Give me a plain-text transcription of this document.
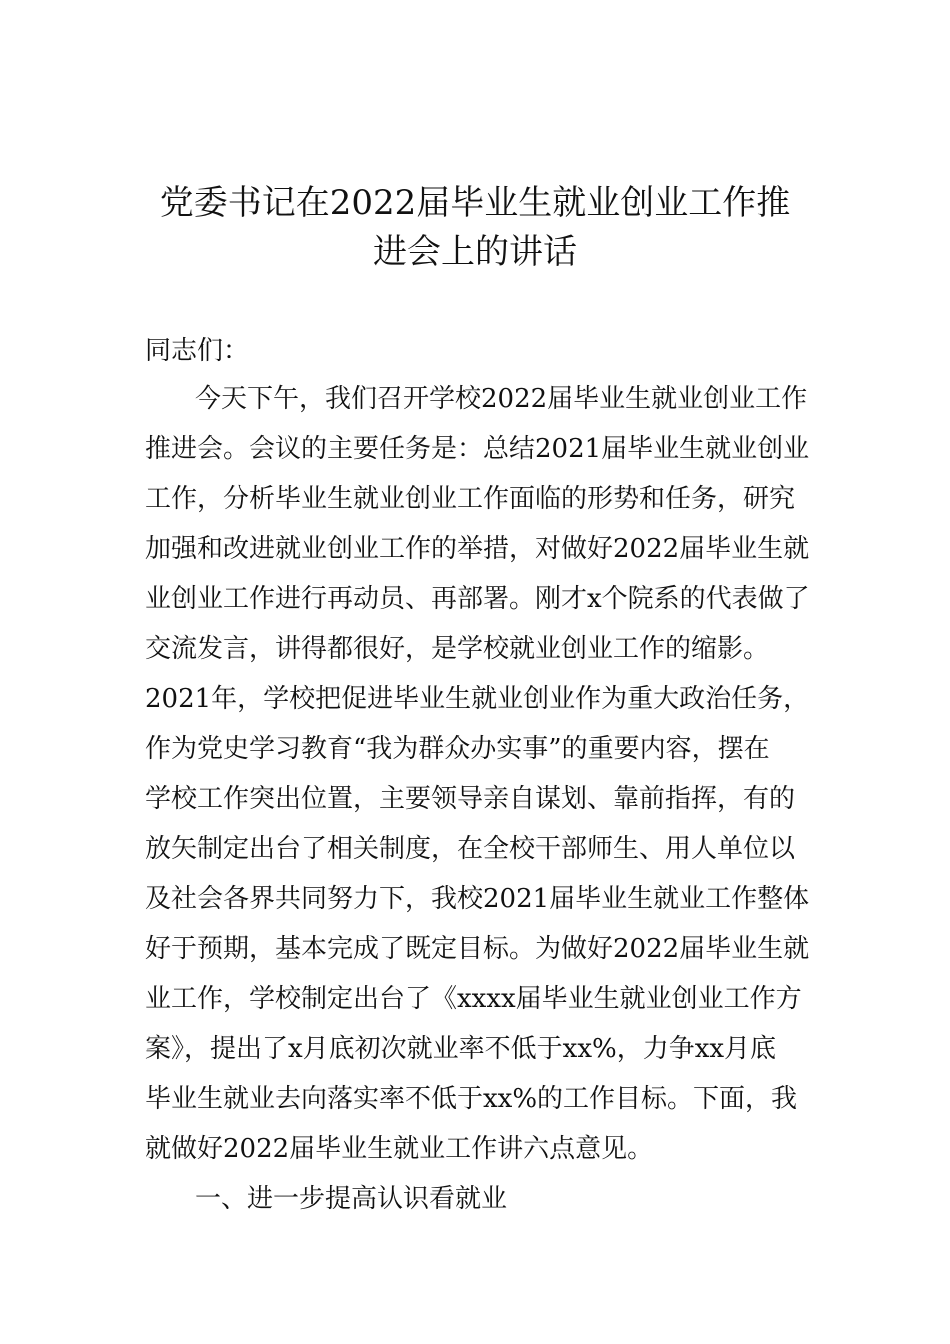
党委书记在2022届毕业生就业创业工作推
进会上的讲话

同志们：

今天下午，我们召开学校2022届毕业生就业创业工作

推进会。会议的主要任务是：总结2021届毕业生就业创业

工作，分析毕业生就业创业工作面临的形势和任务，研究

加强和改进就业创业工作的举措，对做好2022届毕业生就

业创业工作进行再动员、再部署。刚才x个院系的代表做了

交流发言，讲得都很好，是学校就业创业工作的缩影。

2021年，学校把促进毕业生就业创业作为重大政治任务，

作为党史学习教育“我为群众办实事”的重要内容，摆在

学校工作突出位置，主要领导亲自谋划、靠前指挥，有的

放矢制定出台了相关制度，在全校干部师生、用人单位以

及社会各界共同努力下，我校2021届毕业生就业工作整体

好于预期，基本完成了既定目标。为做好2022届毕业生就

业工作，学校制定出台了《xxxx届毕业生就业创业工作方

案》，提出了x月底初次就业率不低于xx%，力争xx月底

毕业生就业去向落实率不低于xx%的工作目标。下面，我

就做好2022届毕业生就业工作讲六点意见。

一、进一步提高认识看就业
